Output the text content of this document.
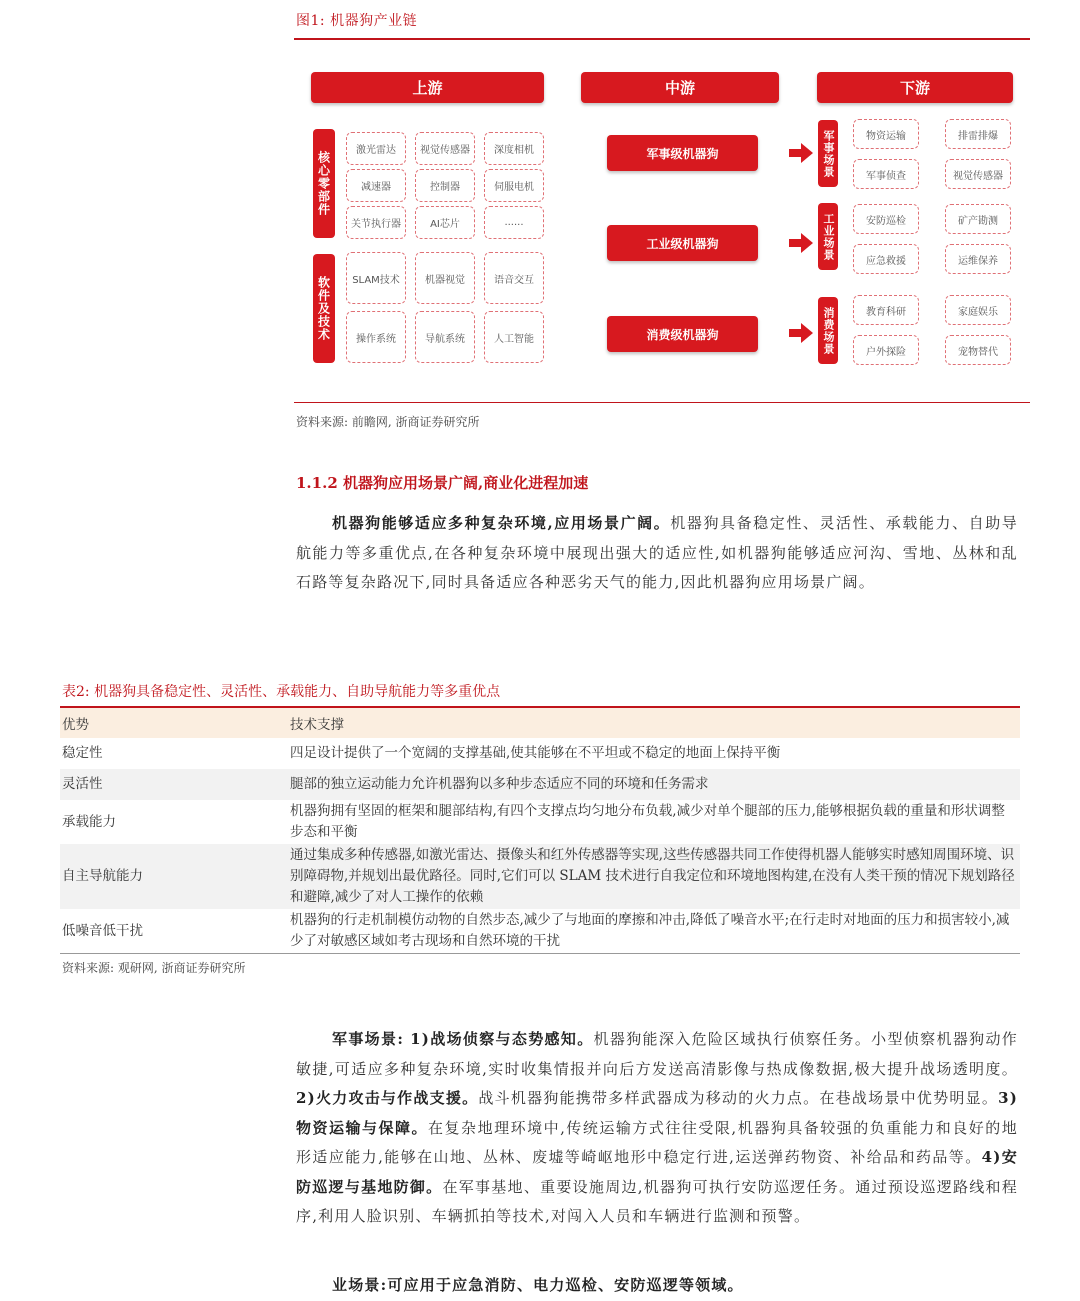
图1: 机器狗产业链
上游	中游	下游
核心零部件
激光雷达	视觉传感器	深度相机
减速器	控制器	伺服电机
关节执行器	AI芯片	......
软件及技术	SLAM技术	机器视觉	语音交互
操作系统	导航系统	人工智能
军事级机器狗
工业级机器狗
消费级机器狗
军事场景	物资运输	排雷排爆
军事侦查	视觉传感器
工业场景	安防巡检	矿产勘测
应急救援	运维保养
消费场景	教育科研	家庭娱乐
户外探险	宠物替代
资料来源: 前瞻网, 浙商证券研究所
1.1.2 机器狗应用场景广阔,商业化进程加速
机器狗能够适应多种复杂环境,应用场景广阔。机器狗具备稳定性、灵活性、承载能力、自助导航能力等多重优点,在各种复杂环境中展现出强大的适应性,如机器狗能够适应河沟、雪地、丛林和乱石路等复杂路况下,同时具备适应各种恶劣天气的能力,因此机器狗应用场景广阔。
表2: 机器狗具备稳定性、灵活性、承载能力、自助导航能力等多重优点
优势	技术支撑
稳定性	四足设计提供了一个宽阔的支撑基础,使其能够在不平坦或不稳定的地面上保持平衡
灵活性	腿部的独立运动能力允许机器狗以多种步态适应不同的环境和任务需求
承载能力	机器狗拥有坚固的框架和腿部结构,有四个支撑点均匀地分布负载,减少对单个腿部的压力,能够根据负载的重量和形状调整步态和平衡
自主导航能力	通过集成多种传感器,如激光雷达、摄像头和红外传感器等实现,这些传感器共同工作使得机器人能够实时感知周围环境、识别障碍物,并规划出最优路径。同时,它们可以 SLAM 技术进行自我定位和环境地图构建,在没有人类干预的情况下规划路径和避障,减少了对人工操作的依赖
低噪音低干扰	机器狗的行走机制模仿动物的自然步态,减少了与地面的摩擦和冲击,降低了噪音水平;在行走时对地面的压力和损害较小,减少了对敏感区域如考古现场和自然环境的干扰
资料来源: 观研网, 浙商证券研究所
军事场景: 1)战场侦察与态势感知。机器狗能深入危险区域执行侦察任务。小型侦察机器狗动作敏捷,可适应多种复杂环境,实时收集情报并向后方发送高清影像与热成像数据,极大提升战场透明度。2)火力攻击与作战支援。战斗机器狗能携带多样武器成为移动的火力点。在巷战场景中优势明显。3)物资运输与保障。在复杂地理环境中,传统运输方式往往受限,机器狗具备较强的负重能力和良好的地形适应能力,能够在山地、丛林、废墟等崎岖地形中稳定行进,运送弹药物资、补给品和药品等。4)安防巡逻与基地防御。在军事基地、重要设施周边,机器狗可执行安防巡逻任务。通过预设巡逻路线和程序,利用人脸识别、车辆抓拍等技术,对闯入人员和车辆进行监测和预警。
业场景:可应用于应急消防、电力巡检、安防巡逻等领域。
